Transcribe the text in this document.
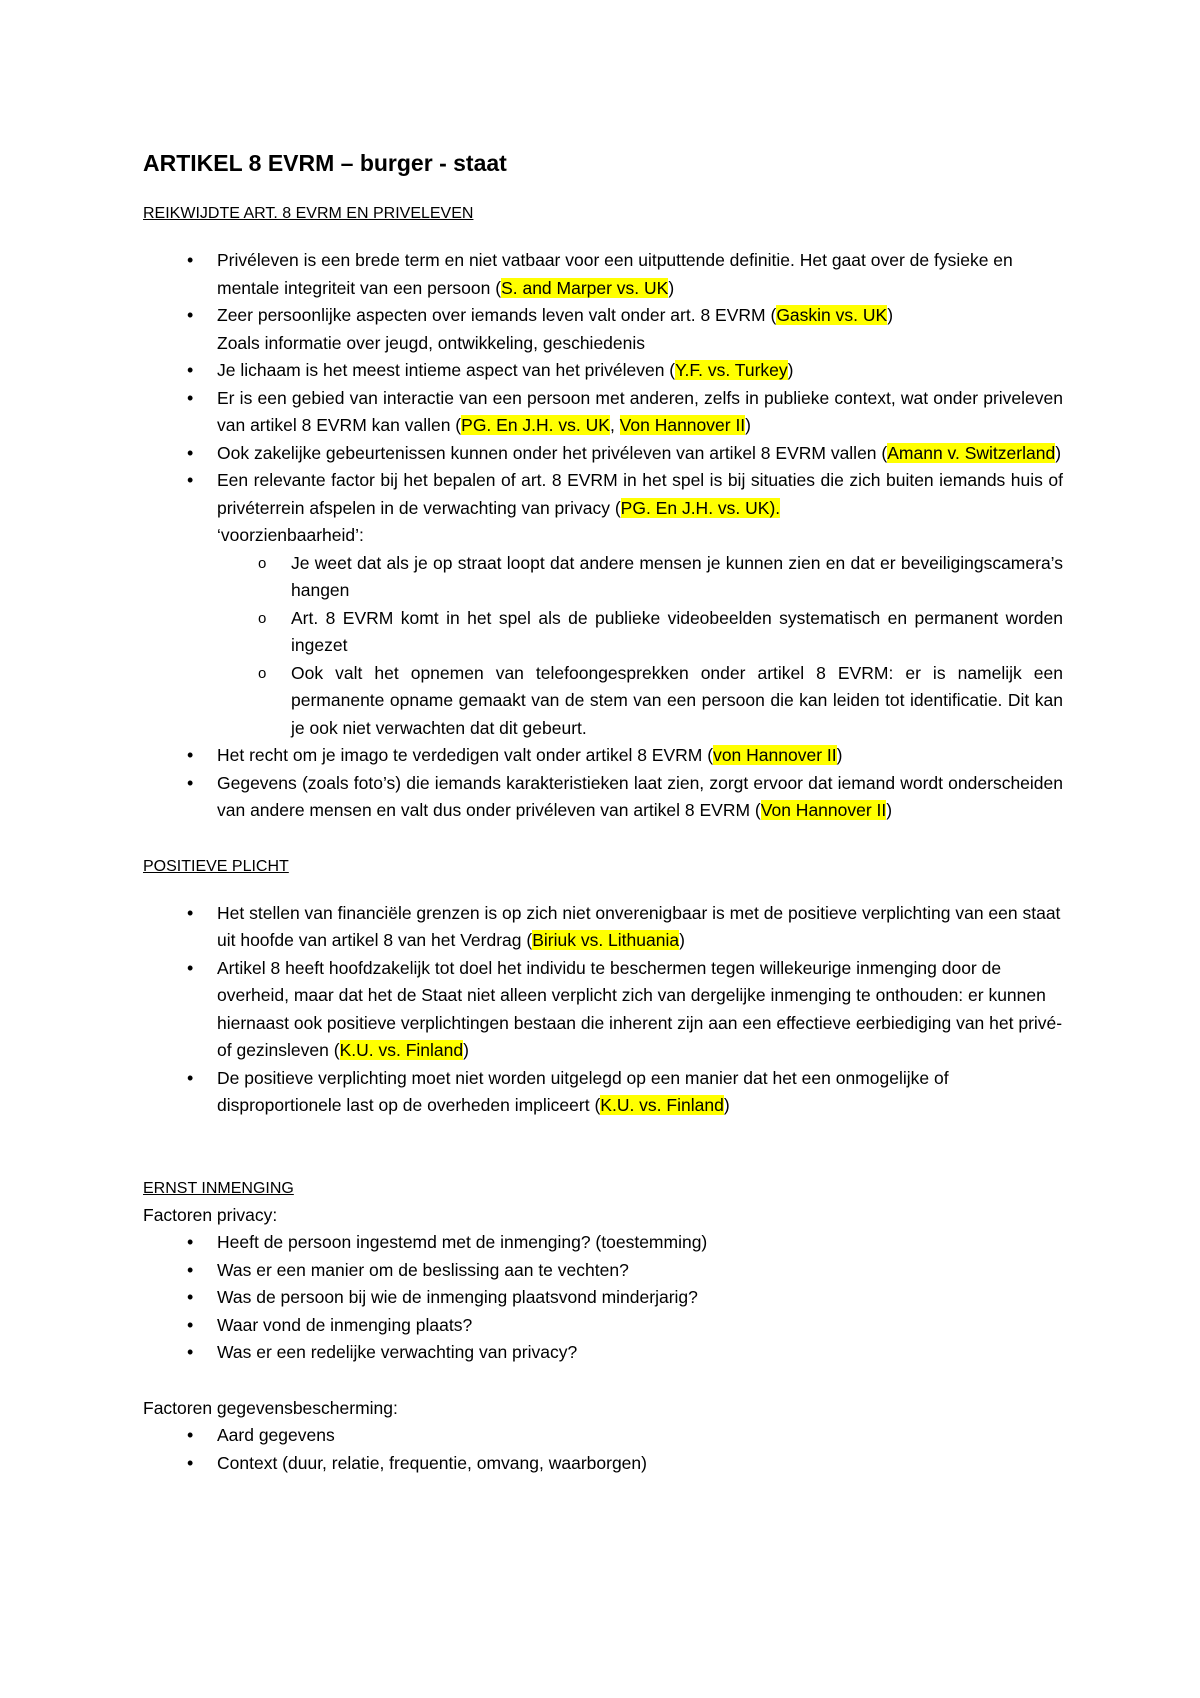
ARTIKEL 8 EVRM – burger - staat

REIKWIJDTE ART. 8 EVRM EN PRIVELEVEN

• Privéleven is een brede term en niet vatbaar voor een uitputtende definitie. Het gaat over de fysieke en mentale integriteit van een persoon (S. and Marper vs. UK)
• Zeer persoonlijke aspecten over iemands leven valt onder art. 8 EVRM (Gaskin vs. UK)
Zoals informatie over jeugd, ontwikkeling, geschiedenis
• Je lichaam is het meest intieme aspect van het privéleven (Y.F. vs. Turkey)
• Er is een gebied van interactie van een persoon met anderen, zelfs in publieke context, wat onder priveleven van artikel 8 EVRM kan vallen (PG. En J.H. vs. UK, Von Hannover II)
• Ook zakelijke gebeurtenissen kunnen onder het privéleven van artikel 8 EVRM vallen (Amann v. Switzerland)
• Een relevante factor bij het bepalen of art. 8 EVRM in het spel is bij situaties die zich buiten iemands huis of privéterrein afspelen in de verwachting van privacy (PG. En J.H. vs. UK).
‘voorzienbaarheid’:
o Je weet dat als je op straat loopt dat andere mensen je kunnen zien en dat er beveiligingscamera’s hangen
o Art. 8 EVRM komt in het spel als de publieke videobeelden systematisch en permanent worden ingezet
o Ook valt het opnemen van telefoongesprekken onder artikel 8 EVRM: er is namelijk een permanente opname gemaakt van de stem van een persoon die kan leiden tot identificatie. Dit kan je ook niet verwachten dat dit gebeurt.
• Het recht om je imago te verdedigen valt onder artikel 8 EVRM (von Hannover II)
• Gegevens (zoals foto’s) die iemands karakteristieken laat zien, zorgt ervoor dat iemand wordt onderscheiden van andere mensen en valt dus onder privéleven van artikel 8 EVRM (Von Hannover II)

POSITIEVE PLICHT

• Het stellen van financiële grenzen is op zich niet onverenigbaar is met de positieve verplichting van een staat uit hoofde van artikel 8 van het Verdrag (Biriuk vs. Lithuania)
• Artikel 8 heeft hoofdzakelijk tot doel het individu te beschermen tegen willekeurige inmenging door de overheid, maar dat het de Staat niet alleen verplicht zich van dergelijke inmenging te onthouden: er kunnen hiernaast ook positieve verplichtingen bestaan die inherent zijn aan een effectieve eerbiediging van het privé- of gezinsleven (K.U. vs. Finland)
• De positieve verplichting moet niet worden uitgelegd op een manier dat het een onmogelijke of disproportionele last op de overheden impliceert (K.U. vs. Finland)

ERNST INMENGING

Factoren privacy:

• Heeft de persoon ingestemd met de inmenging? (toestemming)
• Was er een manier om de beslissing aan te vechten?
• Was de persoon bij wie de inmenging plaatsvond minderjarig?
• Waar vond de inmenging plaats?
• Was er een redelijke verwachting van privacy?

Factoren gegevensbescherming:

• Aard gegevens
• Context (duur, relatie, frequentie, omvang, waarborgen)
